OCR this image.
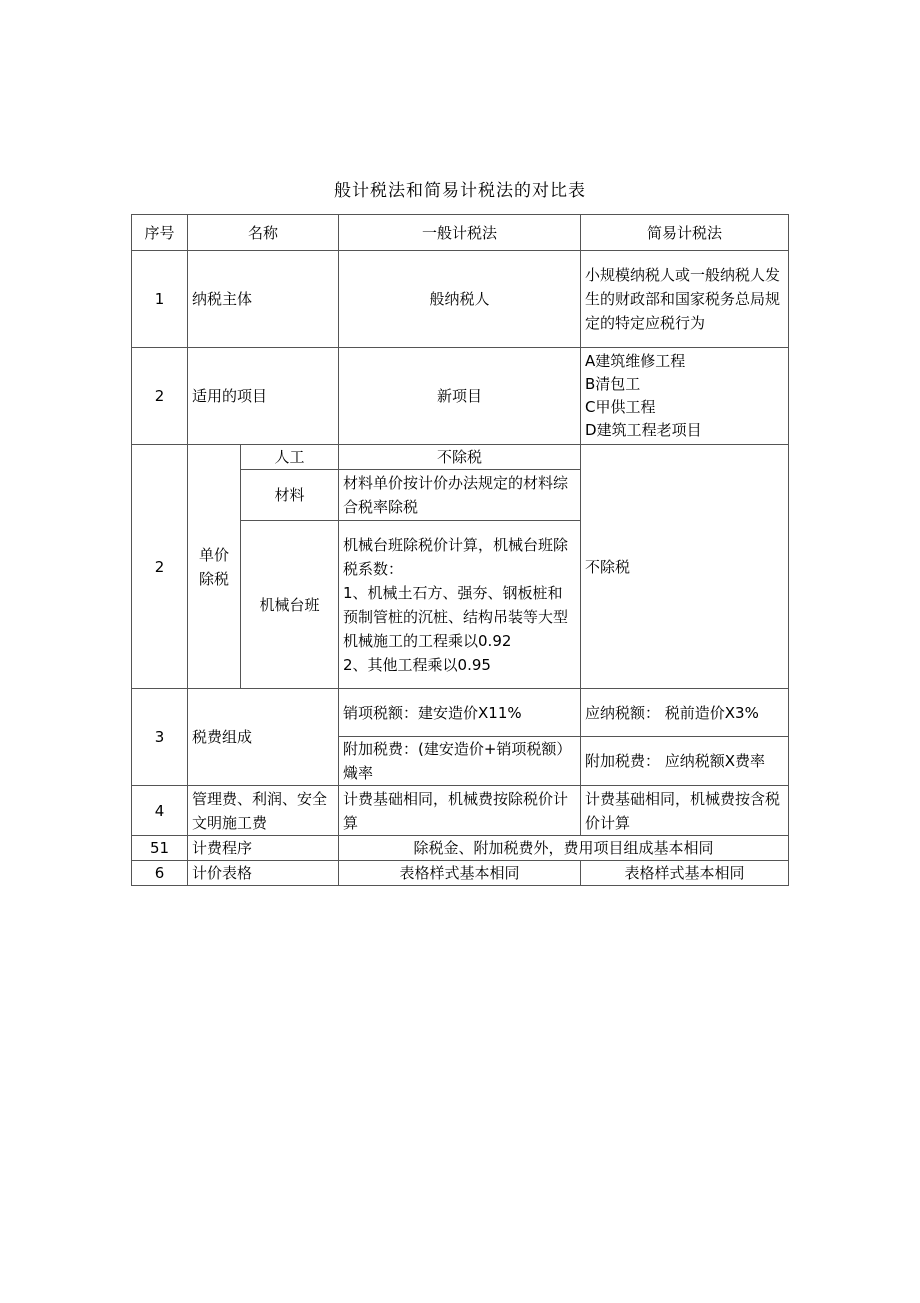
般计税法和简易计税法的对比表
序号	名称		一般计税法	简易计税法
1	纳税主体		般纳税人	小规模纳税人或一般纳税人发生的财政部和国家税务总局规定的特定应税行为
2	适用的项目		新项目	A建筑维修工程
B清包工
C甲供工程
D建筑工程老项目

2	单价除税	人工	不除税	不除税
		材料	材料单价按计价办法规定的材料综合税率除税	
		机械台班	机械台班除税价计算，机械台班除税系数：
1、机械土石方、强夯、钢板桩和预制管桩的沉桩、结构吊装等大型机械施工的工程乘以0.92
2、其他工程乘以0.95	

3	税费组成		销项税额：建安造价X11%	应纳税额： 税前造价X3%
			附加税费：(建安造价+销项税额）熾率	附加税费： 应纳税额X费率
4	管理费、利润、安全文明施工费		计费基础相同，机械费按除税价计算	计费基础相同，机械费按含税价计算
51	计费程序		除税金、附加税费外，费用项目组成基本相同	
6	计价表格		表格样式基本相同	表格样式基本相同
